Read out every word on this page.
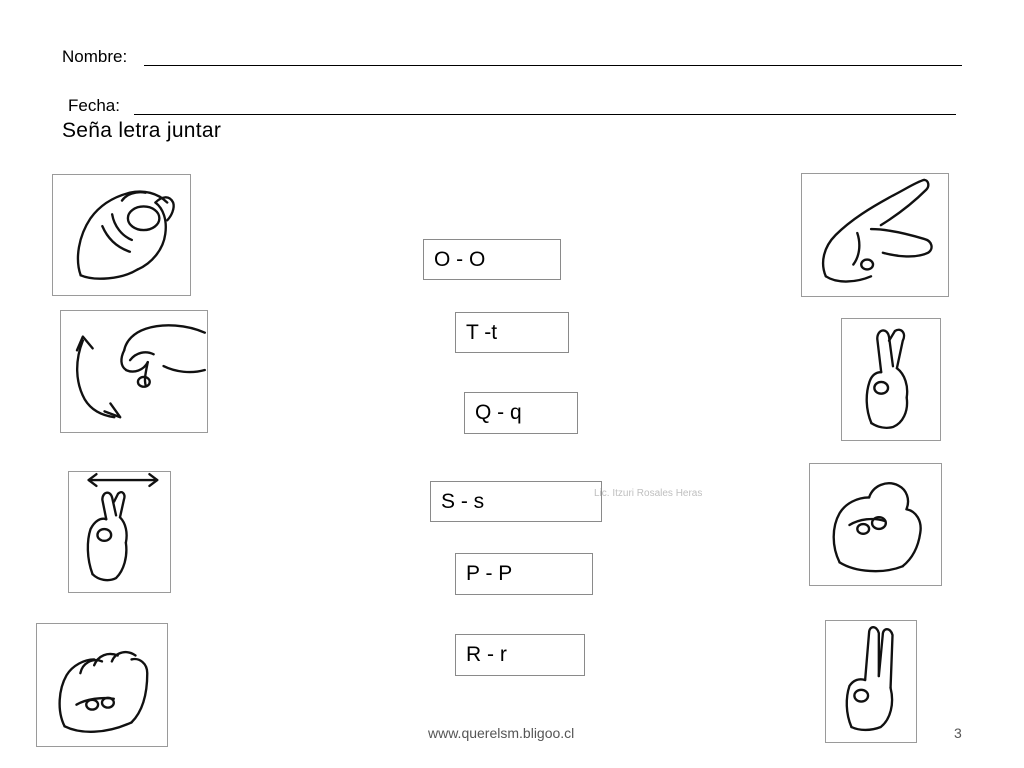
Nombre:
Fecha:
Seña letra juntar
O - O
T -t
Q - q
S - s
P - P
R - r
Lic. Itzuri Rosales Heras
www.querelsm.bligoo.cl	3
